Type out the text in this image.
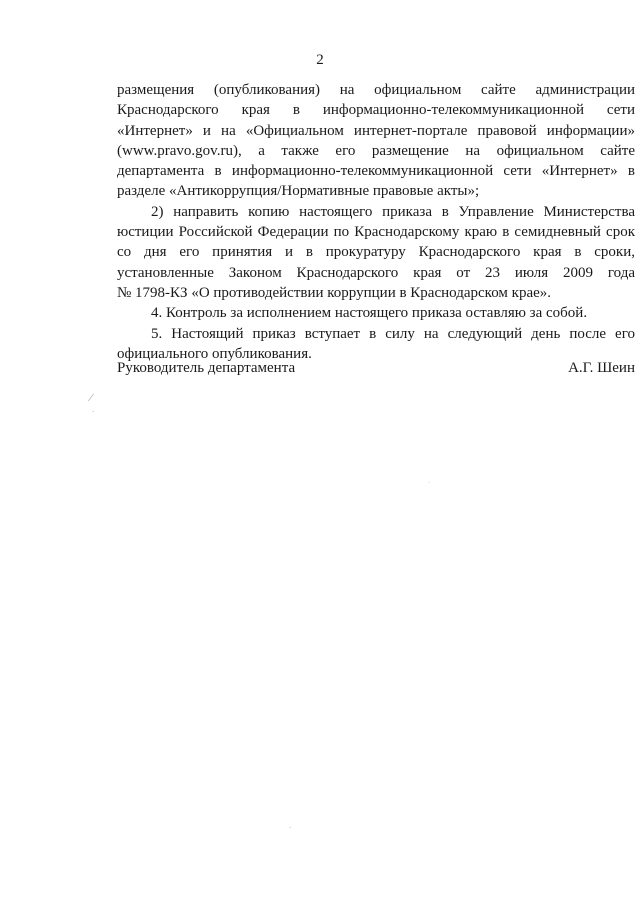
2

размещения (опубликования) на официальном сайте администрации

Краснодарского края в информационно-телекоммуникационной сети

«Интернет» и на «Официальном интернет-портале правовой информации»

(www.pravo.gov.ru), а также его размещение на официальном сайте

департамента в информационно-телекоммуникационной сети «Интернет» в

разделе «Антикоррупция/Нормативные правовые акты»;

2) направить копию настоящего приказа в Управление Министерства

юстиции Российской Федерации по Краснодарскому краю в семидневный срок

со дня его принятия и в прокуратуру Краснодарского края в сроки,

установленные Законом Краснодарского края от 23 июля 2009 года

№ 1798-КЗ «О противодействии коррупции в Краснодарском крае».

4. Контроль за исполнением настоящего приказа оставляю за собой.

5. Настоящий приказ вступает в силу на следующий день после его

официального опубликования.

Руководитель департамента	А.Г. Шеин
⁄
·
·
·
